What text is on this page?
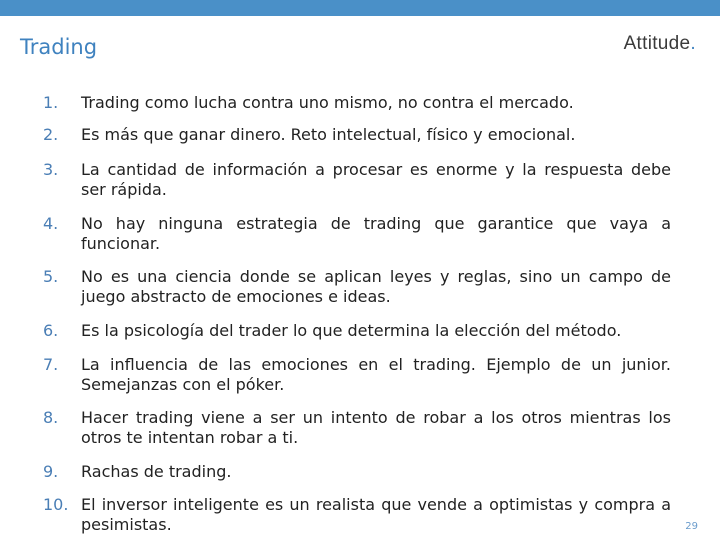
Trading	Attitude.
1. Trading como lucha contra uno mismo, no contra el mercado.
2. Es más que ganar dinero. Reto intelectual, físico y emocional.
3. La cantidad de información a procesar es enorme y la respuesta debe ser rápida.
4. No hay ninguna estrategia de trading que garantice que vaya a funcionar.
5. No es una ciencia donde se aplican leyes y reglas, sino un campo de juego abstracto de emociones e ideas.
6. Es la psicología del trader lo que determina la elección del método.
7. La influencia de las emociones en el trading. Ejemplo de un junior. Semejanzas con el póker.
8. Hacer trading viene a ser un intento de robar a los otros mientras los otros te intentan robar a ti.
9. Rachas de trading.
10. El inversor inteligente es un realista que vende a optimistas y compra a pesimistas.	29
